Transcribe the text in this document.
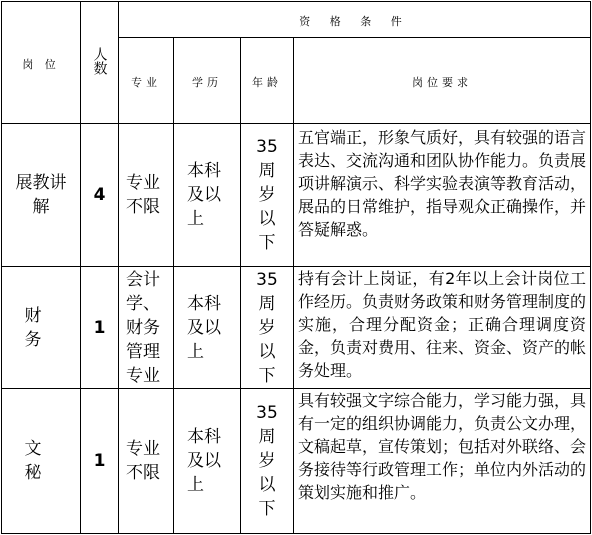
岗 位	人数	资 格 条 件			
		专业	学历	年龄	岗位要求
展教讲解	4	专业不限	本科及以上	35周岁以下	五官端正，形象气质好，具有较强的语言表达、交流沟通和团队协作能力。负责展项讲解演示、科学实验表演等教育活动，展品的日常维护，指导观众正确操作，并答疑解惑。

财　务	1	会计学、财务管理专业	本科及以上	35周岁以下	持有会计上岗证，有2年以上会计岗位工作经历。负责财务政策和财务管理制度的实施，合理分配资金；正确合理调度资金，负责对费用、往来、资金、资产的帐务处理。

文　秘	1	专业不限	本科及以上	35周岁以下	具有较强文字综合能力，学习能力强，具有一定的组织协调能力，负责公文办理，文稿起草，宣传策划；包括对外联络、会务接待等行政管理工作；单位内外活动的策划实施和推广。
